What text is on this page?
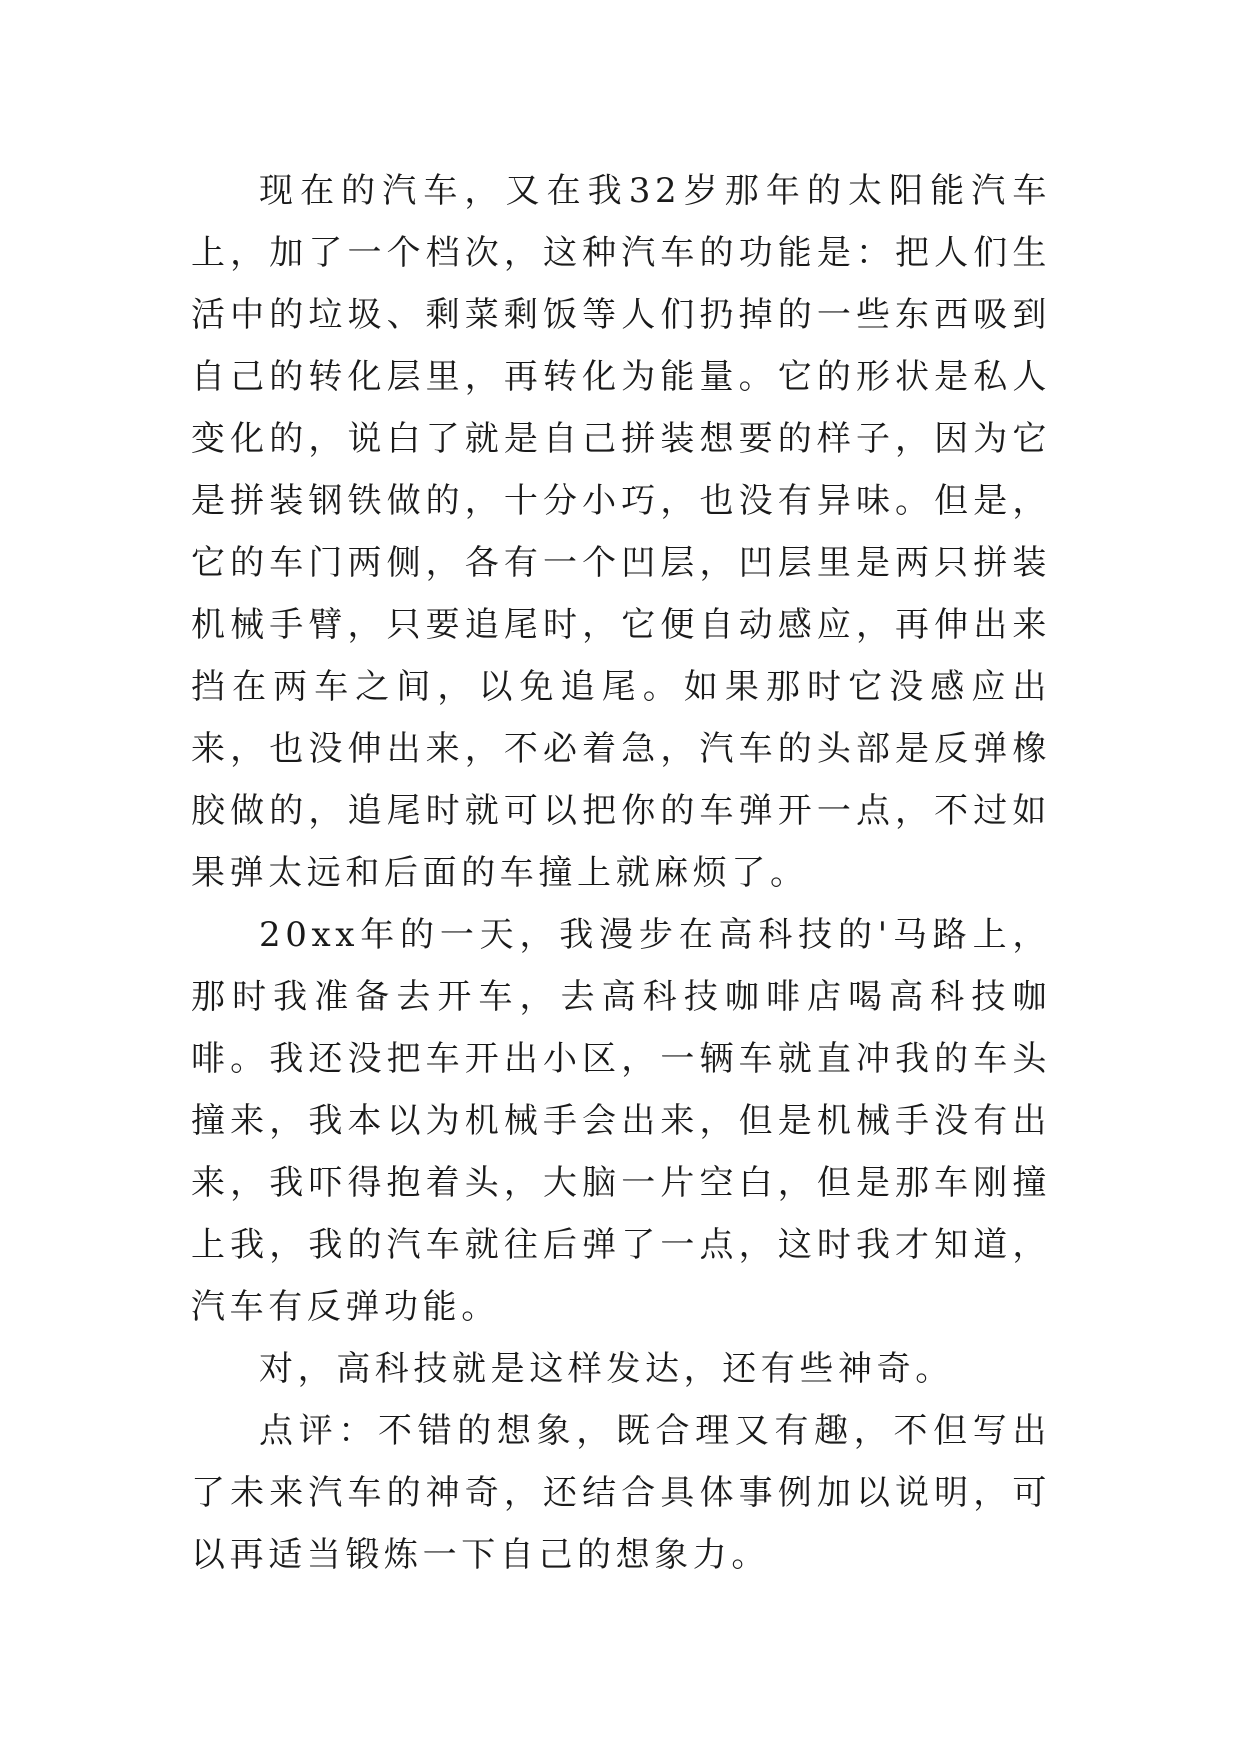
现在的汽车，又在我32岁那年的太阳能汽车上，加了一个档次，这种汽车的功能是：把人们生活中的垃圾、剩菜剩饭等人们扔掉的一些东西吸到自己的转化层里，再转化为能量。它的形状是私人变化的，说白了就是自己拼装想要的样子，因为它是拼装钢铁做的，十分小巧，也没有异味。但是，它的车门两侧，各有一个凹层，凹层里是两只拼装机械手臂，只要追尾时，它便自动感应，再伸出来挡在两车之间，以免追尾。如果那时它没感应出来，也没伸出来，不必着急，汽车的头部是反弹橡胶做的，追尾时就可以把你的车弹开一点，不过如果弹太远和后面的车撞上就麻烦了。

20xx年的一天，我漫步在高科技的'马路上，那时我准备去开车，去高科技咖啡店喝高科技咖啡。我还没把车开出小区，一辆车就直冲我的车头撞来，我本以为机械手会出来，但是机械手没有出来，我吓得抱着头，大脑一片空白，但是那车刚撞上我，我的汽车就往后弹了一点，这时我才知道，汽车有反弹功能。

对，高科技就是这样发达，还有些神奇。

点评：不错的想象，既合理又有趣，不但写出了未来汽车的神奇，还结合具体事例加以说明，可以再适当锻炼一下自己的想象力。
